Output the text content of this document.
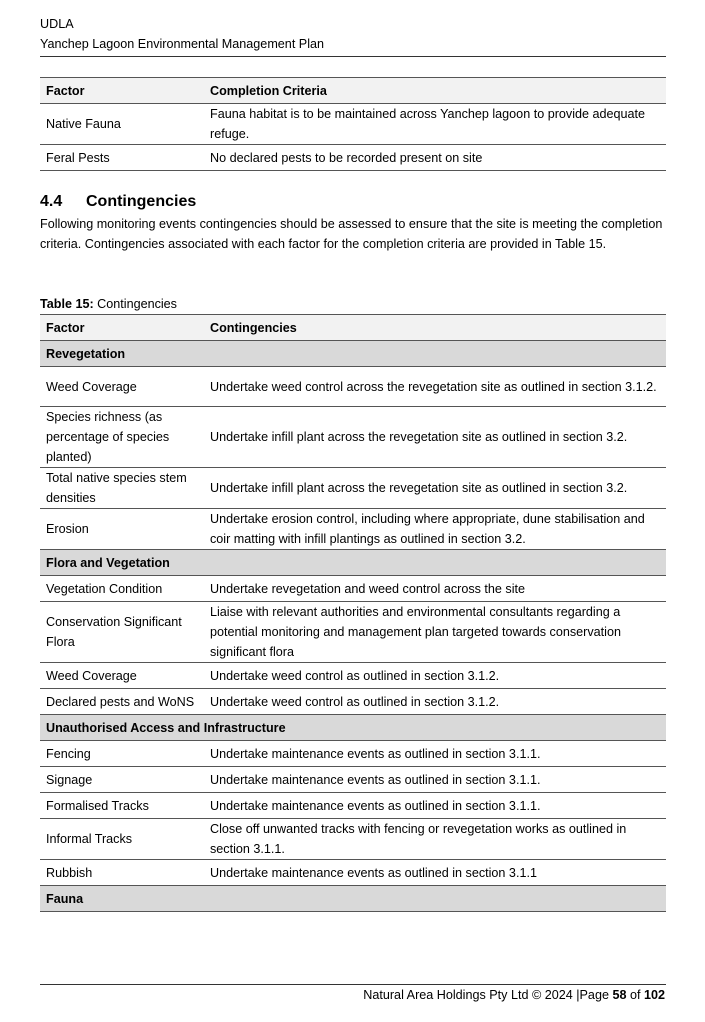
UDLA
Yanchep Lagoon Environmental Management Plan
Factor	Completion Criteria
Native Fauna	Fauna habitat is to be maintained across Yanchep lagoon to provide adequate refuge.
Feral Pests	No declared pests to be recorded present on site
4.4 Contingencies
Following monitoring events contingencies should be assessed to ensure that the site is meeting the completion criteria. Contingencies associated with each factor for the completion criteria are provided in Table 15.
Table 15: Contingencies
Factor	Contingencies
Revegetation	
Weed Coverage	Undertake weed control across the revegetation site as outlined in section 3.1.2.
Species richness (as percentage of species planted)	Undertake infill plant across the revegetation site as outlined in section 3.2.
Total native species stem densities	Undertake infill plant across the revegetation site as outlined in section 3.2.
Erosion	Undertake erosion control, including where appropriate, dune stabilisation and coir matting with infill plantings as outlined in section 3.2.
Flora and Vegetation	
Vegetation Condition	Undertake revegetation and weed control across the site
Conservation Significant Flora	Liaise with relevant authorities and environmental consultants regarding a potential monitoring and management plan targeted towards conservation significant flora
Weed Coverage	Undertake weed control as outlined in section 3.1.2.
Declared pests and WoNS	Undertake weed control as outlined in section 3.1.2.
Unauthorised Access and Infrastructure	
Fencing	Undertake maintenance events as outlined in section 3.1.1.
Signage	Undertake maintenance events as outlined in section 3.1.1.
Formalised Tracks	Undertake maintenance events as outlined in section 3.1.1.
Informal Tracks	Close off unwanted tracks with fencing or revegetation works as outlined in section 3.1.1.
Rubbish	Undertake maintenance events as outlined in section 3.1.1
Fauna	
Natural Area Holdings Pty Ltd © 2024 |Page 58 of 102
